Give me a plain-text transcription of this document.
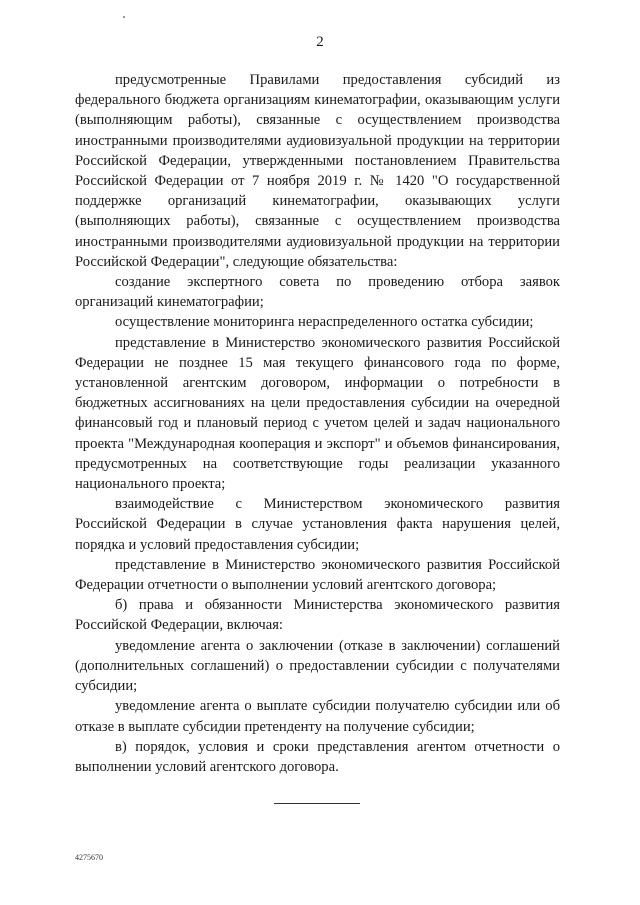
2

предусмотренные Правилами предоставления субсидий из федерального бюджета организациям кинематографии, оказывающим услуги (выполняющим работы), связанные с осуществлением производства иностранными производителями аудиовизуальной продукции на территории Российской Федерации, утвержденными постановлением Правительства Российской Федерации от 7 ноября 2019 г. № 1420 "О государственной поддержке организаций кинематографии, оказывающих услуги (выполняющих работы), связанные с осуществлением производства иностранными производителями аудиовизуальной продукции на территории Российской Федерации", следующие обязательства:

создание экспертного совета по проведению отбора заявок организаций кинематографии;

осуществление мониторинга нераспределенного остатка субсидии;

представление в Министерство экономического развития Российской Федерации не позднее 15 мая текущего финансового года по форме, установленной агентским договором, информации о потребности в бюджетных ассигнованиях на цели предоставления субсидии на очередной финансовый год и плановый период с учетом целей и задач национального проекта "Международная кооперация и экспорт" и объемов финансирования, предусмотренных на соответствующие годы реализации указанного национального проекта;

взаимодействие с Министерством экономического развития Российской Федерации в случае установления факта нарушения целей, порядка и условий предоставления субсидии;

представление в Министерство экономического развития Российской Федерации отчетности о выполнении условий агентского договора;

б) права и обязанности Министерства экономического развития Российской Федерации, включая:

уведомление агента о заключении (отказе в заключении) соглашений (дополнительных соглашений) о предоставлении субсидии с получателями субсидии;

уведомление агента о выплате субсидии получателю субсидии или об отказе в выплате субсидии претенденту на получение субсидии;

в) порядок, условия и сроки представления агентом отчетности о выполнении условий агентского договора.

4275670
